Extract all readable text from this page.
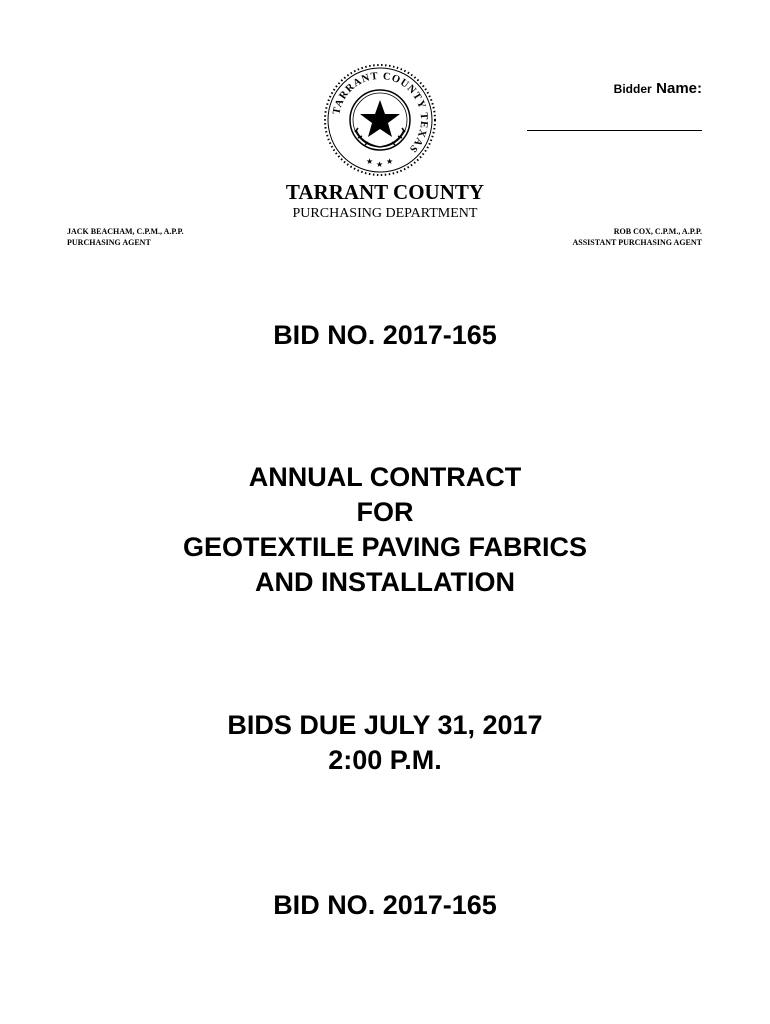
TARRANT COUNTY TEXAS
★ ★ ★
Bidder Name:
TARRANT COUNTY
PURCHASING DEPARTMENT
JACK BEACHAM, C.P.M., A.P.P.
PURCHASING AGENT
ROB COX, C.P.M., A.P.P.
ASSISTANT PURCHASING AGENT
BID NO. 2017-165
ANNUAL CONTRACT
FOR
GEOTEXTILE PAVING FABRICS
AND INSTALLATION
BIDS DUE JULY 31, 2017
2:00 P.M.
BID NO. 2017-165
